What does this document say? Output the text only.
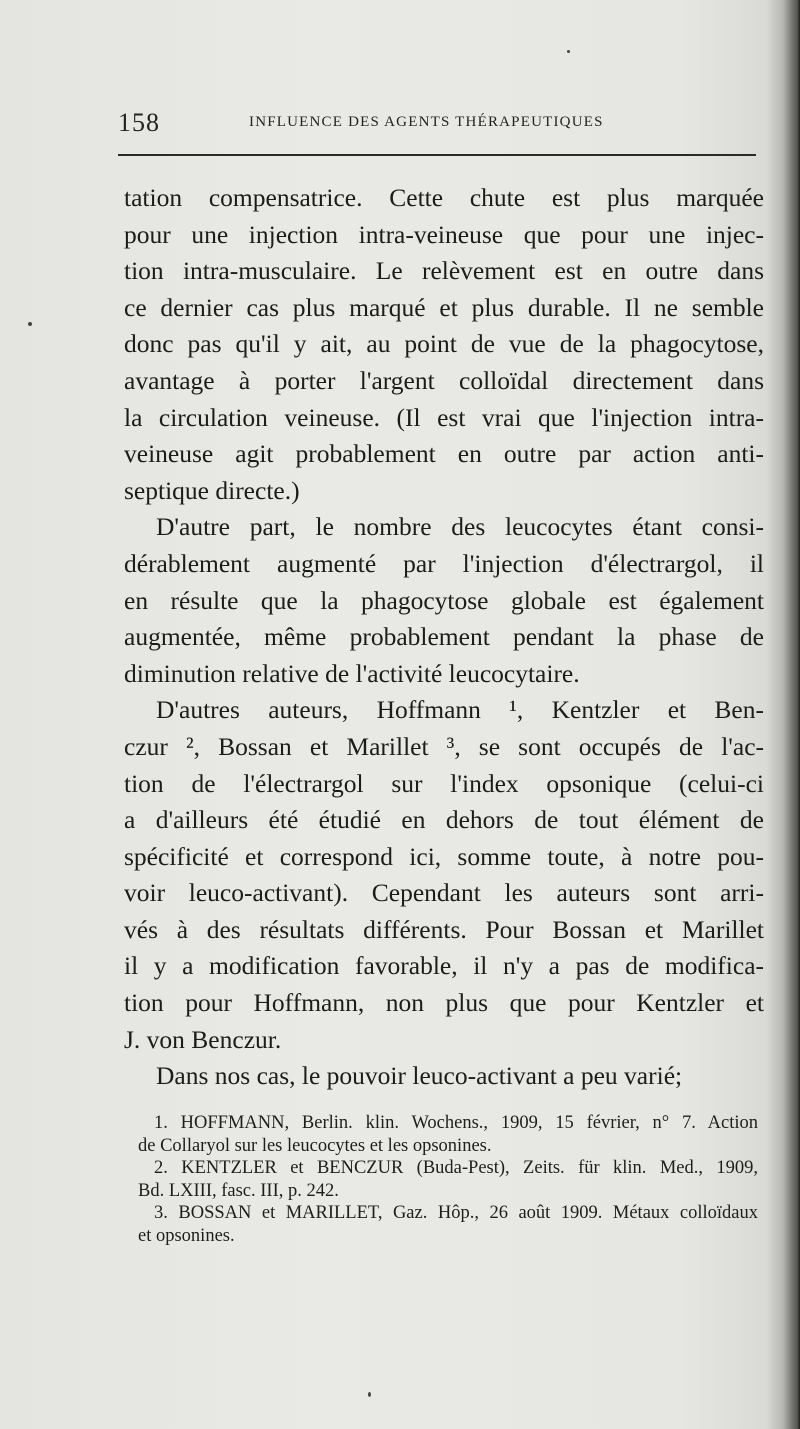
158	INFLUENCE DES AGENTS THÉRAPEUTIQUES
tation compensatrice. Cette chute est plus marquée
pour une injection intra-veineuse que pour une injec-
tion intra-musculaire. Le relèvement est en outre dans
ce dernier cas plus marqué et plus durable. Il ne semble
donc pas qu'il y ait, au point de vue de la phagocytose,
avantage à porter l'argent colloïdal directement dans
la circulation veineuse. (Il est vrai que l'injection intra-
veineuse agit probablement en outre par action anti-
septique directe.)
D'autre part, le nombre des leucocytes étant consi-
dérablement augmenté par l'injection d'électrargol, il
en résulte que la phagocytose globale est également
augmentée, même probablement pendant la phase de
diminution relative de l'activité leucocytaire.
D'autres auteurs, Hoffmann ¹, Kentzler et Ben-
czur ², Bossan et Marillet ³, se sont occupés de l'ac-
tion de l'électrargol sur l'index opsonique (celui-ci
a d'ailleurs été étudié en dehors de tout élément de
spécificité et correspond ici, somme toute, à notre pou-
voir leuco-activant). Cependant les auteurs sont arri-
vés à des résultats différents. Pour Bossan et Marillet
il y a modification favorable, il n'y a pas de modifica-
tion pour Hoffmann, non plus que pour Kentzler et
J. von Benczur.
Dans nos cas, le pouvoir leuco-activant a peu varié;
1. HOFFMANN, Berlin. klin. Wochens., 1909, 15 février, n° 7. Action
de Collaryol sur les leucocytes et les opsonines.
2. KENTZLER et BENCZUR (Buda-Pest), Zeits. für klin. Med., 1909,
Bd. LXIII, fasc. III, p. 242.
3. BOSSAN et MARILLET, Gaz. Hôp., 26 août 1909. Métaux colloïdaux
et opsonines.
